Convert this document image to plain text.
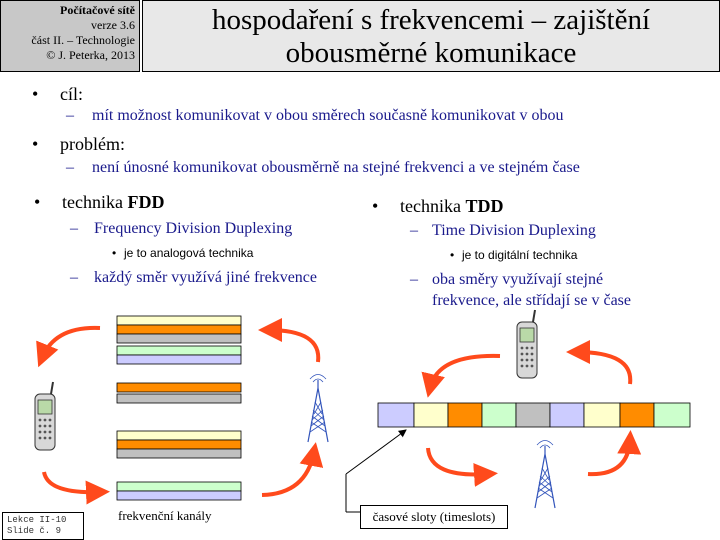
Počítačové sítě
verze 3.6
část II. – Technologie
© J. Peterka, 2013
hospodaření s frekvencemi – zajištění
obousměrné komunikace
• cíl:
– mít možnost komunikovat v obou směrech současně komunikovat v obou
• problém:
– není únosné komunikovat obousměrně na stejné frekvenci a ve stejném čase
• technika FDD
– Frequency Division Duplexing
• je to analogová technika
– každý směr využívá jiné frekvence
• technika TDD
– Time Division Duplexing
• je to digitální technika
– oba směry využívají stejné
frekvence, ale střídají se v čase
frekvenční kanály	časové sloty (timeslots)
Lekce II-10
Slide č. 9
